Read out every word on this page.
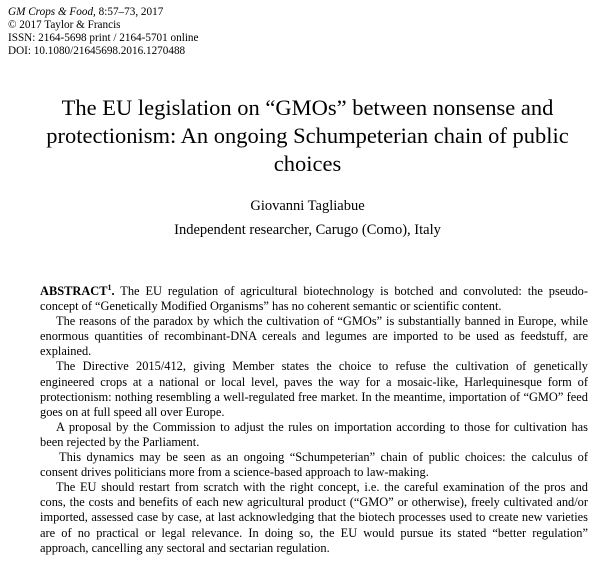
GM Crops & Food, 8:57–73, 2017
© 2017 Taylor & Francis
ISSN: 2164-5698 print / 2164-5701 online
DOI: 10.1080/21645698.2016.1270488
The EU legislation on “GMOs” between nonsense and
protectionism: An ongoing Schumpeterian chain of public
choices
Giovanni Tagliabue
Independent researcher, Carugo (Como), Italy

ABSTRACT$^1$. The EU regulation of agricultural biotechnology is botched and convoluted: the pseudo-concept of “Genetically Modified Organisms” has no coherent semantic or scientific content.

The reasons of the paradox by which the cultivation of “GMOs” is substantially banned in Europe, while enormous quantities of recombinant-DNA cereals and legumes are imported to be used as feedstuff, are explained.

The Directive 2015/412, giving Member states the choice to refuse the cultivation of genetically engineered crops at a national or local level, paves the way for a mosaic-like, Harlequinesque form of protectionism: nothing resembling a well-regulated free market. In the meantime, importation of “GMO” feed goes on at full speed all over Europe.

A proposal by the Commission to adjust the rules on importation according to those for cultivation has been rejected by the Parliament.

This dynamics may be seen as an ongoing “Schumpeterian” chain of public choices: the calculus of consent drives politicians more from a science-based approach to law-making.

The EU should restart from scratch with the right concept, i.e. the careful examination of the pros and cons, the costs and benefits of each new agricultural product (“GMO” or otherwise), freely cultivated and/or imported, assessed case by case, at last acknowledging that the biotech processes used to create new varieties are of no practical or legal relevance. In doing so, the EU would pursue its stated “better regulation” approach, cancelling any sectoral and sectarian regulation.
